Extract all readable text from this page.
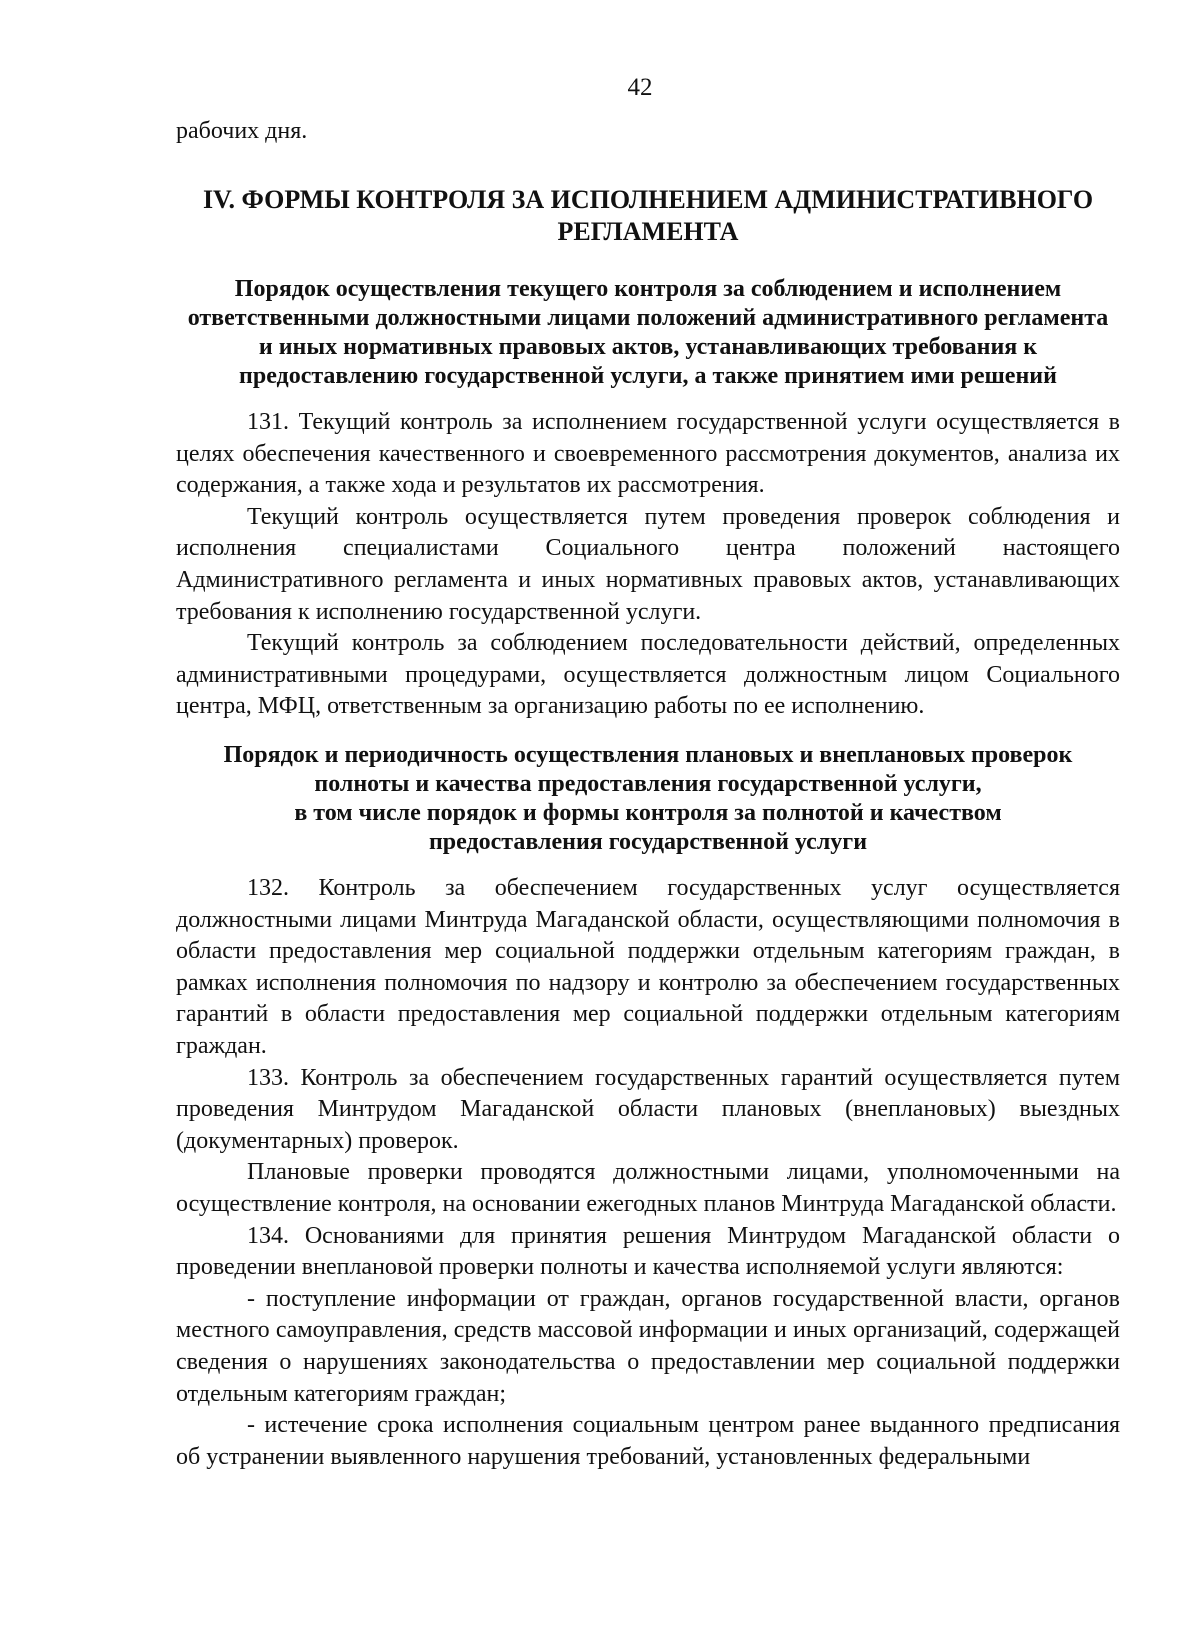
42

рабочих дня.

IV. ФОРМЫ КОНТРОЛЯ ЗА ИСПОЛНЕНИЕМ АДМИНИСТРАТИВНОГО
РЕГЛАМЕНТА
Порядок осуществления текущего контроля за соблюдением и исполнением
ответственными должностными лицами положений административного регламента
и иных нормативных правовых актов, устанавливающих требования к
предоставлению государственной услуги, а также принятием ими решений

131. Текущий контроль за исполнением государственной услуги осуществляется в целях обеспечения качественного и своевременного рассмотрения документов, анализа их содержания, а также хода и результатов их рассмотрения.

Текущий контроль осуществляется путем проведения проверок соблюдения и исполнения специалистами Социального центра положений настоящего Административного регламента и иных нормативных правовых актов, устанавливающих требования к исполнению государственной услуги.

Текущий контроль за соблюдением последовательности действий, определенных административными процедурами, осуществляется должностным лицом Социального центра, МФЦ, ответственным за организацию работы по ее исполнению.

Порядок и периодичность осуществления плановых и внеплановых проверок
полноты и качества предоставления государственной услуги,
в том числе порядок и формы контроля за полнотой и качеством
предоставления государственной услуги

132. Контроль за обеспечением государственных услуг осуществляется должностными лицами Минтруда Магаданской области, осуществляющими полномочия в области предоставления мер социальной поддержки отдельным категориям граждан, в рамках исполнения полномочия по надзору и контролю за обеспечением государственных гарантий в области предоставления мер социальной поддержки отдельным категориям граждан.

133. Контроль за обеспечением государственных гарантий осуществляется путем проведения Минтрудом Магаданской области плановых (внеплановых) выездных (документарных) проверок.

Плановые проверки проводятся должностными лицами, уполномоченными на осуществление контроля, на основании ежегодных планов Минтруда Магаданской области.

134. Основаниями для принятия решения Минтрудом Магаданской области о проведении внеплановой проверки полноты и качества исполняемой услуги являются:

- поступление информации от граждан, органов государственной власти, органов местного самоуправления, средств массовой информации и иных организаций, содержащей сведения о нарушениях законодательства о предоставлении мер социальной поддержки отдельным категориям граждан;

- истечение срока исполнения социальным центром ранее выданного предписания об устранении выявленного нарушения требований, установленных федеральными
